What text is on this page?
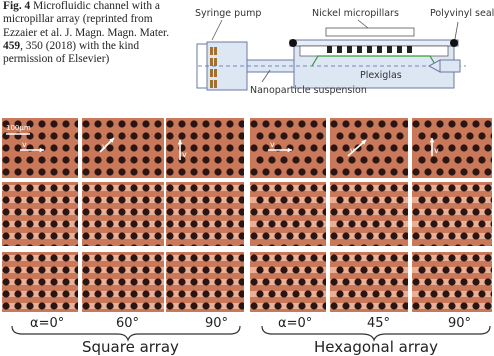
Fig. 4 Microfluidic channel with a micropillar array (reprinted from Ezzaier et al. J. Magn. Magn. Mater. 459, 350 (2018) with the kind permission of Elsevier)
Syringe pump	Nickel micropillars	Polyvinyl seal
Plexiglas
Nanoparticle suspension
v	v
v
v
v	v
100μm
α=0°	60°	90°	α=0°	45°	90°
Square array	Hexagonal array
